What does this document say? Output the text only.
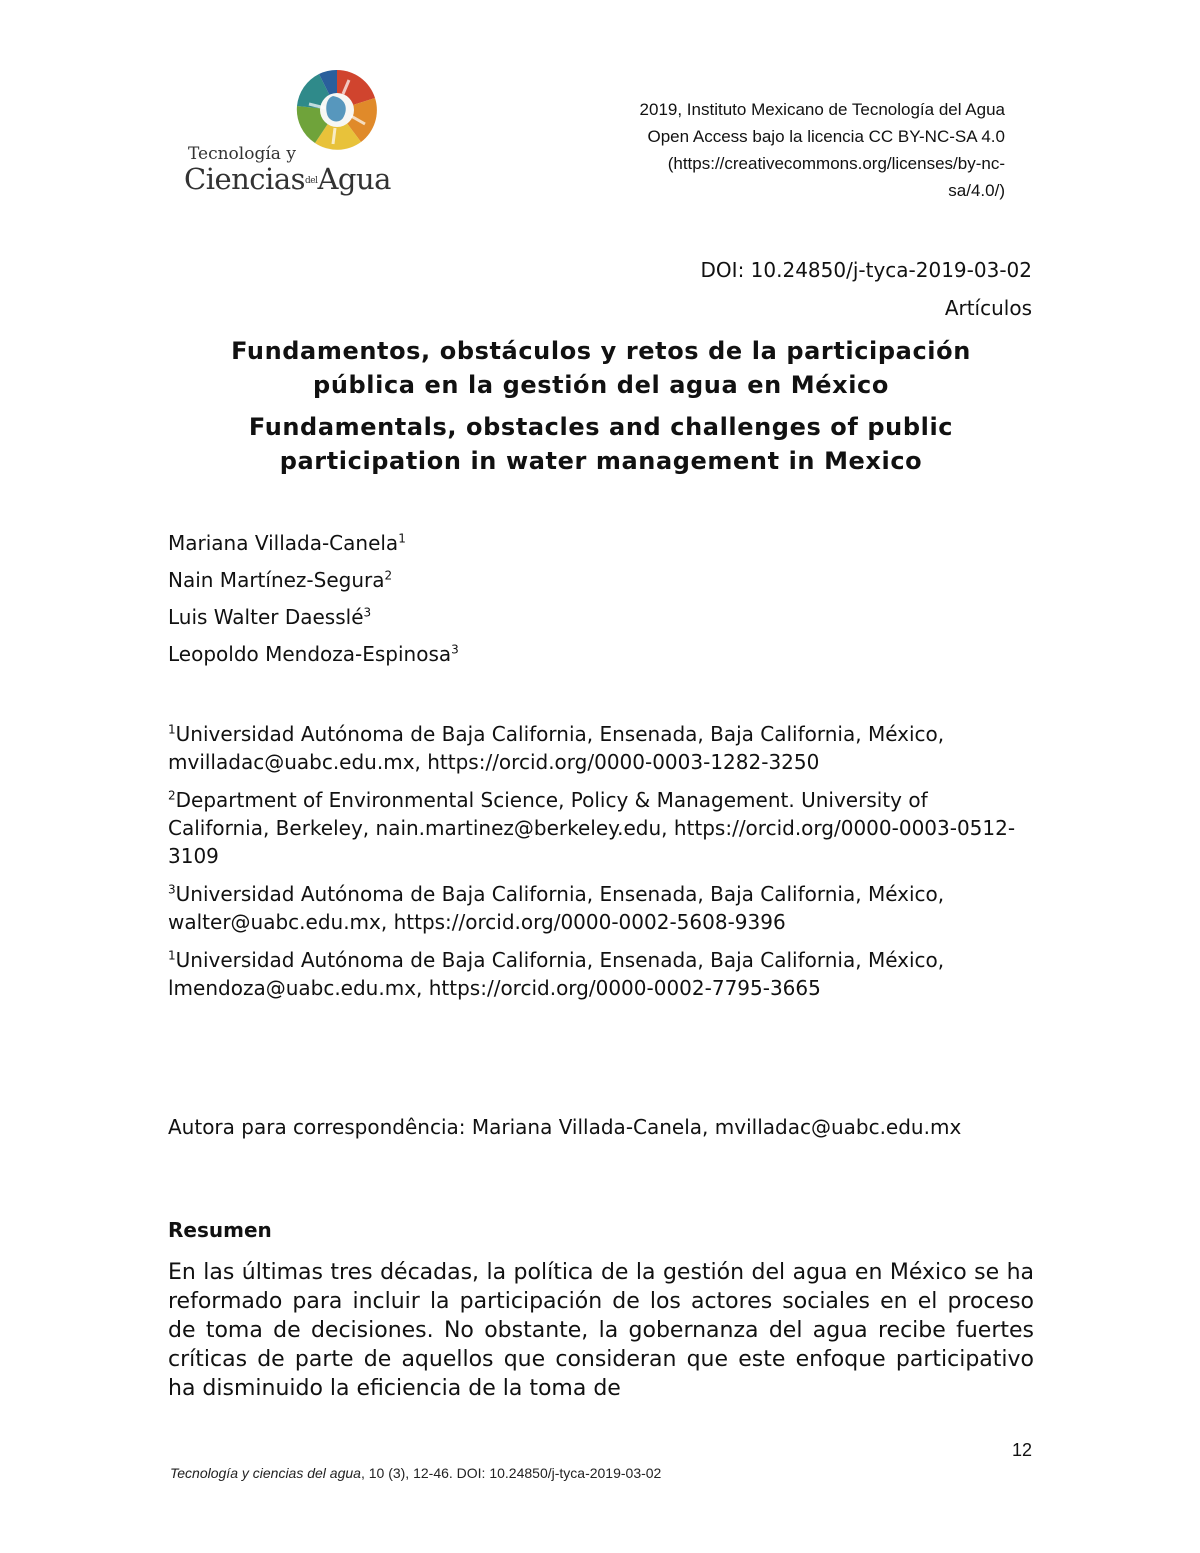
Tecnología y
CienciasdelAgua
2019, Instituto Mexicano de Tecnología del Agua
Open Access bajo la licencia CC BY-NC-SA 4.0
(https://creativecommons.org/licenses/by-nc-
sa/4.0/)
DOI: 10.24850/j-tyca-2019-03-02
Artículos
Fundamentos, obstáculos y retos de la participación
pública en la gestión del agua en México
Fundamentals, obstacles and challenges of public
participation in water management in Mexico
Mariana Villada-Canela$^1$
Nain Martínez-Segura$^2$
Luis Walter Daesslé$^3$
Leopoldo Mendoza-Espinosa$^3$

$^1$Universidad Autónoma de Baja California, Ensenada, Baja California, México, mvilladac@uabc.edu.mx, https://orcid.org/0000-0003-1282-3250

$^2$Department of Environmental Science, Policy & Management. University of California, Berkeley, nain.martinez@berkeley.edu, https://orcid.org/0000-0003-0512-3109

$^3$Universidad Autónoma de Baja California, Ensenada, Baja California, México, walter@uabc.edu.mx, https://orcid.org/0000-0002-5608-9396

$^1$Universidad Autónoma de Baja California, Ensenada, Baja California, México, lmendoza@uabc.edu.mx, https://orcid.org/0000-0002-7795-3665

Autora para correspondência: Mariana Villada-Canela, mvilladac@uabc.edu.mx
Resumen

En las últimas tres décadas, la política de la gestión del agua en México se ha reformado para incluir la participación de los actores sociales en el proceso de toma de decisiones. No obstante, la gobernanza del agua recibe fuertes críticas de parte de aquellos que consideran que este enfoque participativo ha disminuido la eficiencia de la toma de

12
Tecnología y ciencias del agua, 10 (3), 12-46. DOI: 10.24850/j-tyca-2019-03-02
